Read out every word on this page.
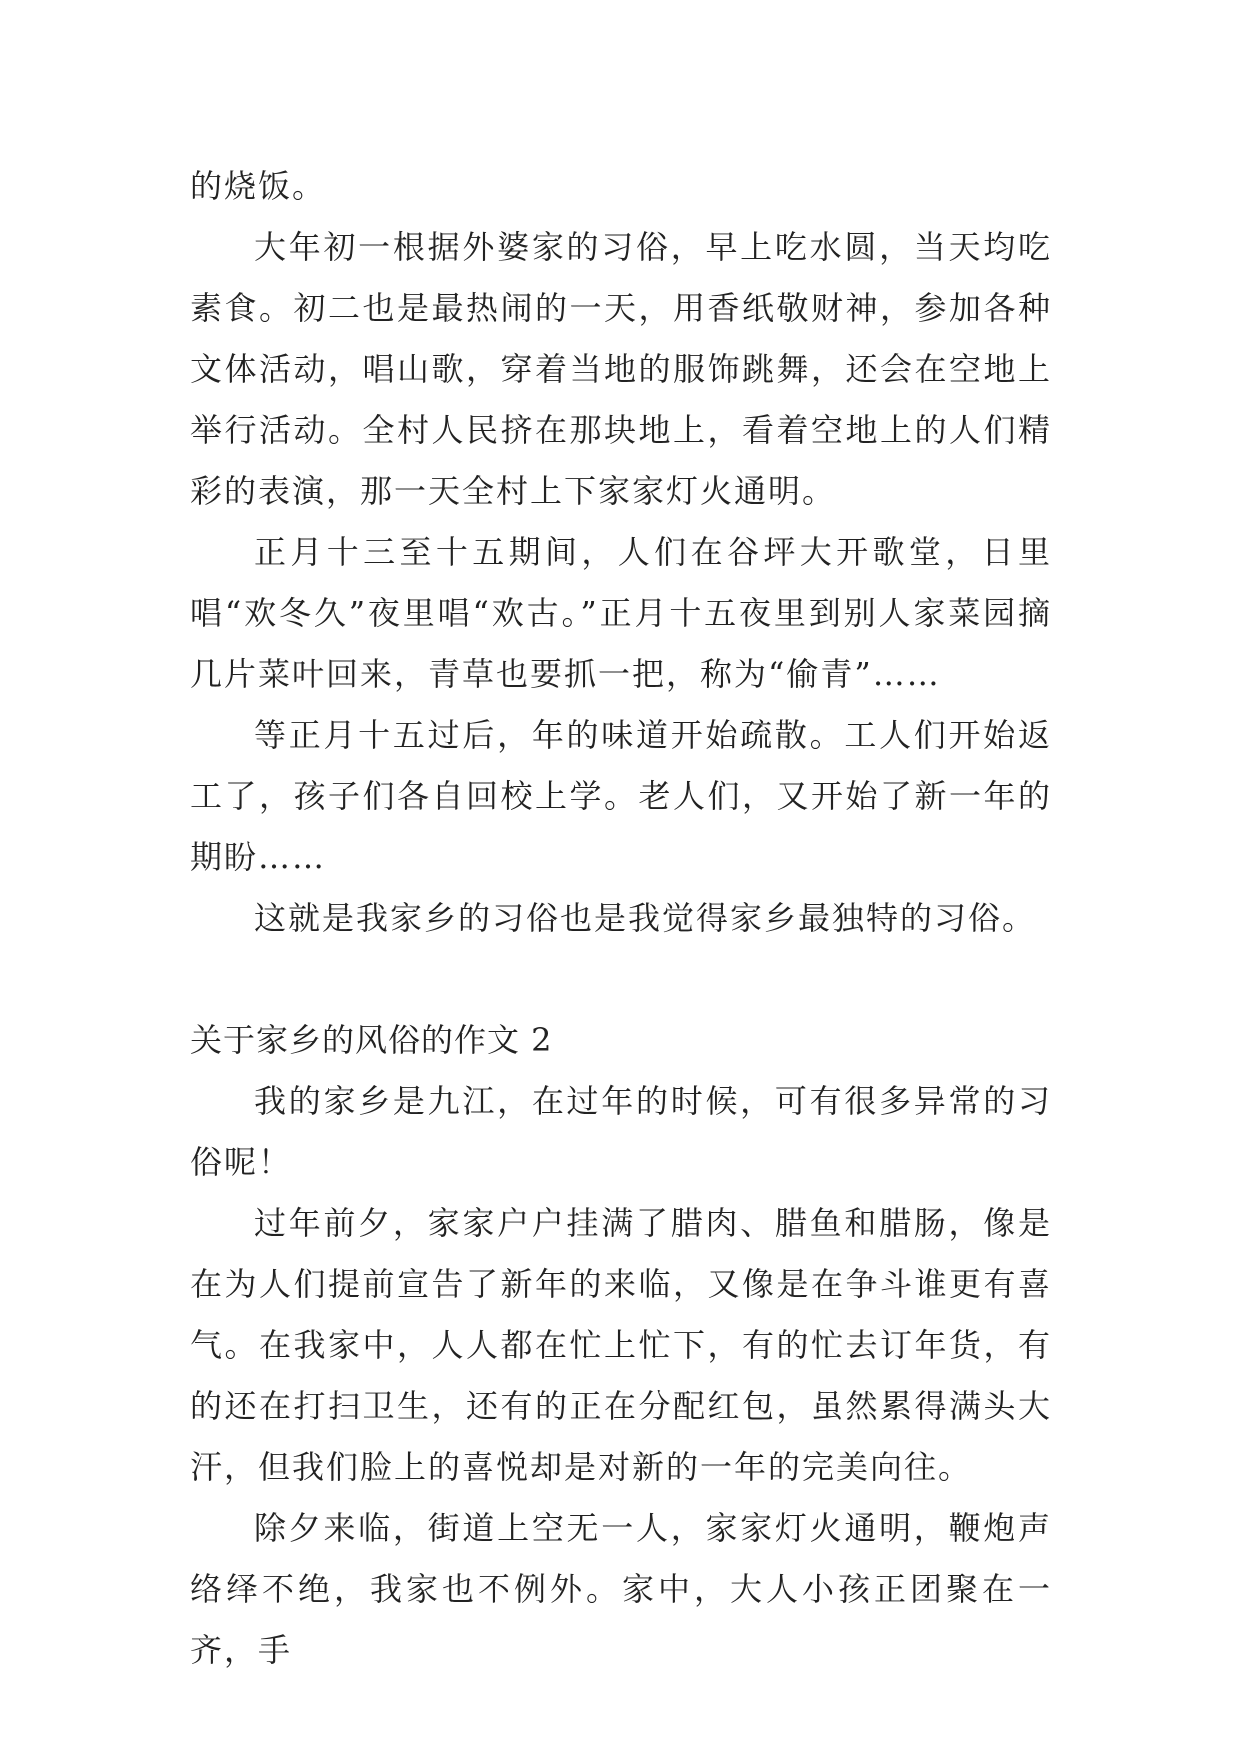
的烧饭。

大年初一根据外婆家的习俗，早上吃水圆，当天均吃素食。初二也是最热闹的一天，用香纸敬财神，参加各种文体活动，唱山歌，穿着当地的服饰跳舞，还会在空地上举行活动。全村人民挤在那块地上，看着空地上的人们精彩的表演，那一天全村上下家家灯火通明。

正月十三至十五期间，人们在谷坪大开歌堂，日里唱“欢冬久”夜里唱“欢古。”正月十五夜里到别人家菜园摘几片菜叶回来，青草也要抓一把，称为“偷青”……

等正月十五过后，年的味道开始疏散。工人们开始返工了，孩子们各自回校上学。老人们，又开始了新一年的期盼……

这就是我家乡的习俗也是我觉得家乡最独特的习俗。

关于家乡的风俗的作文 2

我的家乡是九江，在过年的时候，可有很多异常的习俗呢！

过年前夕，家家户户挂满了腊肉、腊鱼和腊肠，像是在为人们提前宣告了新年的来临，又像是在争斗谁更有喜气。在我家中，人人都在忙上忙下，有的忙去订年货，有的还在打扫卫生，还有的正在分配红包，虽然累得满头大汗，但我们脸上的喜悦却是对新的一年的完美向往。

除夕来临，街道上空无一人，家家灯火通明，鞭炮声络绎不绝，我家也不例外。家中，大人小孩正团聚在一齐，手
